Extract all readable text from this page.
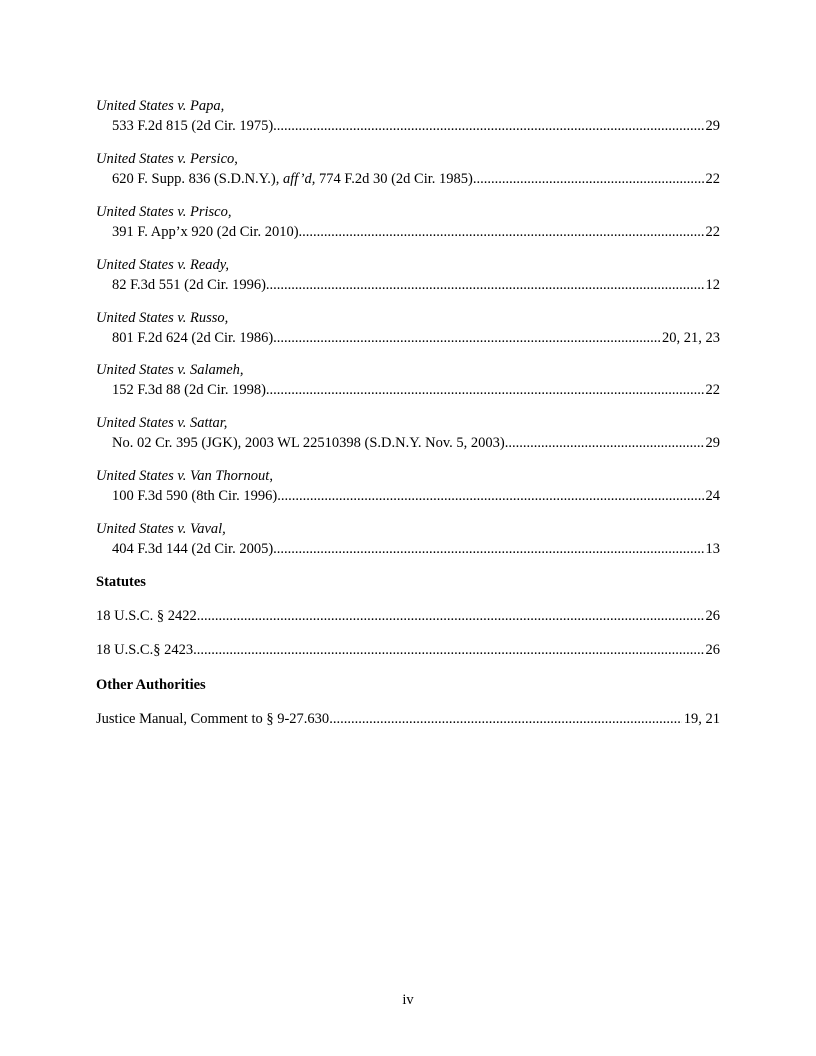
United States v. Papa,
533 F.2d 815 (2d Cir. 1975) .....	29
United States v. Persico,
620 F. Supp. 836 (S.D.N.Y.), aff’d, 774 F.2d 30 (2d Cir. 1985) .....	22
United States v. Prisco,
391 F. App’x 920 (2d Cir. 2010) .....	22
United States v. Ready,
82 F.3d 551 (2d Cir. 1996) .....	12
United States v. Russo,
801 F.2d 624 (2d Cir. 1986) .....	20, 21, 23
United States v. Salameh,
152 F.3d 88 (2d Cir. 1998) .....	22
United States v. Sattar,
No. 02 Cr. 395 (JGK), 2003 WL 22510398 (S.D.N.Y. Nov. 5, 2003) .....	29
United States v. Van Thornout,
100 F.3d 590 (8th Cir. 1996) .....	24
United States v. Vaval,
404 F.3d 144 (2d Cir. 2005) .....	13
Statutes
18 U.S.C. § 2422 .....	26
18 U.S.C.§ 2423 .....	26
Other Authorities
Justice Manual, Comment to § 9-27.630 .....	19, 21
iv
